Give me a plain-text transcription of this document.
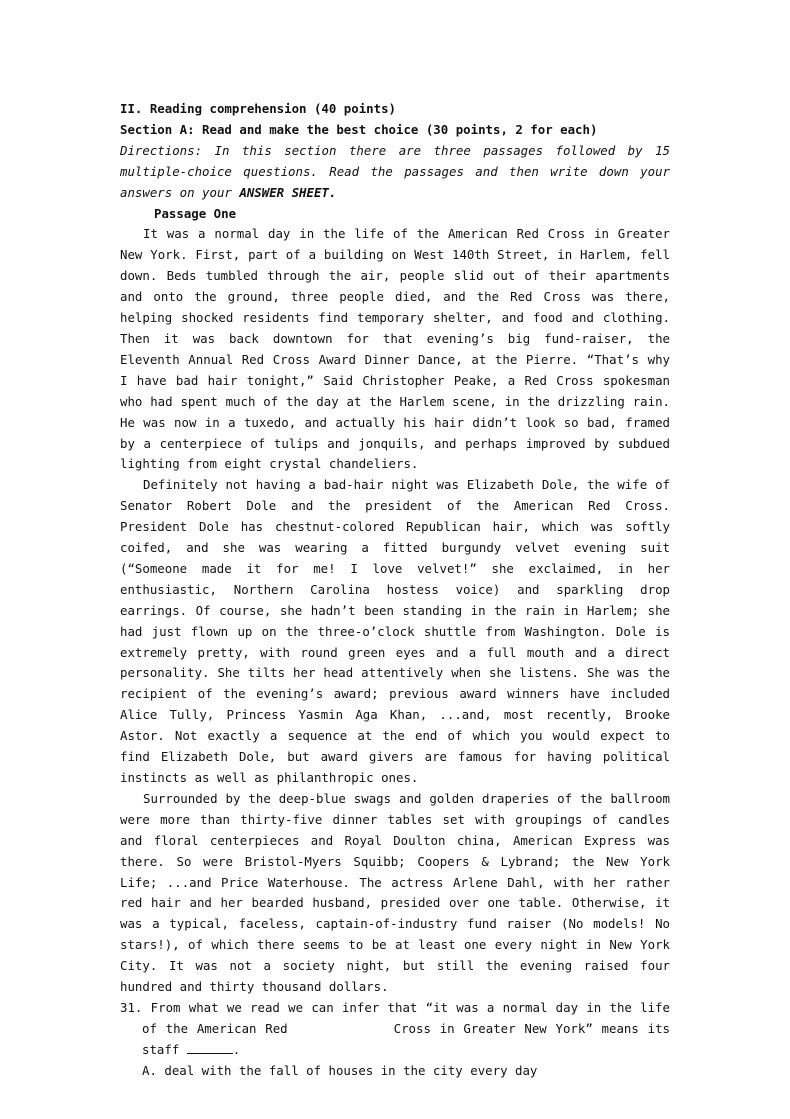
II. Reading comprehension (40 points)
Section A: Read and make the best choice (30 points, 2 for each)
Directions: In this section there are three passages followed by 15 multiple-choice questions. Read the passages and then write down your answers on your ANSWER SHEET.
Passage One

It was a normal day in the life of the American Red Cross in Greater New York. First, part of a building on West 140th Street, in Harlem, fell down. Beds tumbled through the air, people slid out of their apartments and onto the ground, three people died, and the Red Cross was there, helping shocked residents find temporary shelter, and food and clothing. Then it was back downtown for that evening’s big fund-raiser, the Eleventh Annual Red Cross Award Dinner Dance, at the Pierre. “That’s why I have bad hair tonight,” Said Christopher Peake, a Red Cross spokesman who had spent much of the day at the Harlem scene, in the drizzling rain. He was now in a tuxedo, and actually his hair didn’t look so bad, framed by a centerpiece of tulips and jonquils, and perhaps improved by subdued lighting from eight crystal chandeliers.

Definitely not having a bad-hair night was Elizabeth Dole, the wife of Senator Robert Dole and the president of the American Red Cross. President Dole has chestnut-colored Republican hair, which was softly coifed, and she was wearing a fitted burgundy velvet evening suit (“Someone made it for me! I love velvet!” she exclaimed, in her enthusiastic, Northern Carolina hostess voice) and sparkling drop earrings. Of course, she hadn’t been standing in the rain in Harlem; she had just flown up on the three-o’clock shuttle from Washington. Dole is extremely pretty, with round green eyes and a full mouth and a direct personality. She tilts her head attentively when she listens. She was the recipient of the evening’s award; previous award winners have included Alice Tully, Princess Yasmin Aga Khan, ...and, most recently, Brooke Astor. Not exactly a sequence at the end of which you would expect to find Elizabeth Dole, but award givers are famous for having political instincts as well as philanthropic ones.

Surrounded by the deep-blue swags and golden draperies of the ballroom were more than thirty-five dinner tables set with groupings of candles and floral centerpieces and Royal Doulton china, American Express was there. So were Bristol-Myers Squibb; Coopers & Lybrand; the New York Life; ...and Price Waterhouse. The actress Arlene Dahl, with her rather red hair and her bearded husband, presided over one table. Otherwise, it was a typical, faceless, captain-of-industry fund raiser (No models! No stars!), of which there seems to be at least one every night in New York City. It was not a society night, but still the evening raised four hundred and thirty thousand dollars.

31. From what we read we can infer that “it was a normal day in the life of the American Red	Cross in Greater New York” means its staff	.

A. deal with the fall of houses in the city every day
